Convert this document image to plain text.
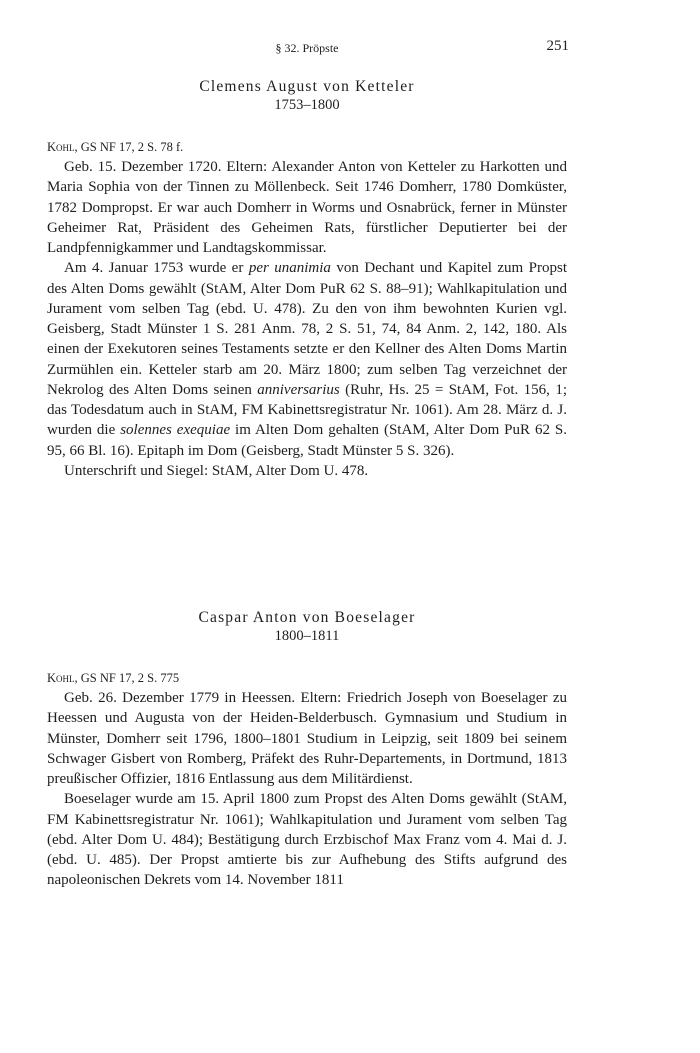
§ 32. Pröpste	251
Clemens August von Ketteler
1753–1800
Kohl, GS NF 17, 2 S. 78 f.

Geb. 15. Dezember 1720. Eltern: Alexander Anton von Ketteler zu Harkotten und Maria Sophia von der Tinnen zu Möllenbeck. Seit 1746 Domherr, 1780 Domküster, 1782 Dompropst. Er war auch Domherr in Worms und Osnabrück, ferner in Münster Geheimer Rat, Präsident des Geheimen Rats, fürstlicher Deputierter bei der Landpfennigkammer und Landtagskommissar.

Am 4. Januar 1753 wurde er per unanimia von Dechant und Kapitel zum Propst des Alten Doms gewählt (StAM, Alter Dom PuR 62 S. 88–91); Wahlkapitulation und Jurament vom selben Tag (ebd. U. 478). Zu den von ihm bewohnten Kurien vgl. Geisberg, Stadt Münster 1 S. 281 Anm. 78, 2 S. 51, 74, 84 Anm. 2, 142, 180. Als einen der Exekutoren seines Testaments setzte er den Kellner des Alten Doms Martin Zurmühlen ein. Ketteler starb am 20. März 1800; zum selben Tag verzeichnet der Nekrolog des Alten Doms seinen anniversarius (Ruhr, Hs. 25 = StAM, Fot. 156, 1; das Todesdatum auch in StAM, FM Kabinettsregistratur Nr. 1061). Am 28. März d. J. wurden die solennes exequiae im Alten Dom gehalten (StAM, Alter Dom PuR 62 S. 95, 66 Bl. 16). Epitaph im Dom (Geisberg, Stadt Münster 5 S. 326).

Unterschrift und Siegel: StAM, Alter Dom U. 478.

Caspar Anton von Boeselager
1800–1811
Kohl, GS NF 17, 2 S. 775

Geb. 26. Dezember 1779 in Heessen. Eltern: Friedrich Joseph von Boeselager zu Heessen und Augusta von der Heiden-Belderbusch. Gymnasium und Studium in Münster, Domherr seit 1796, 1800–1801 Studium in Leipzig, seit 1809 bei seinem Schwager Gisbert von Romberg, Präfekt des Ruhr-Departements, in Dortmund, 1813 preußischer Offizier, 1816 Entlassung aus dem Militärdienst.

Boeselager wurde am 15. April 1800 zum Propst des Alten Doms gewählt (StAM, FM Kabinettsregistratur Nr. 1061); Wahlkapitulation und Jurament vom selben Tag (ebd. Alter Dom U. 484); Bestätigung durch Erzbischof Max Franz vom 4. Mai d. J. (ebd. U. 485). Der Propst amtierte bis zur Aufhebung des Stifts aufgrund des napoleonischen Dekrets vom 14. November 1811
